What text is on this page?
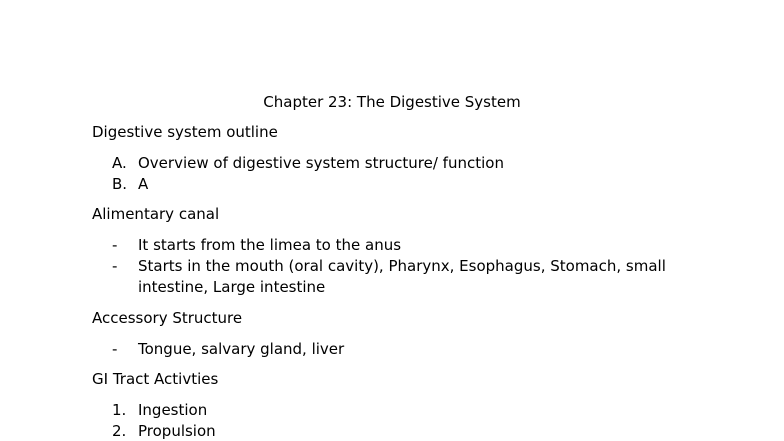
Chapter 23: The Digestive System
Digestive system outline
A. Overview of digestive system structure/ function
B. A
Alimentary canal
-	It starts from the limea to the anus
-	Starts in the mouth (oral cavity), Pharynx, Esophagus, Stomach, small
intestine, Large intestine
Accessory Structure
-	Tongue, salvary gland, liver
GI Tract Activties
1. Ingestion
2. Propulsion
